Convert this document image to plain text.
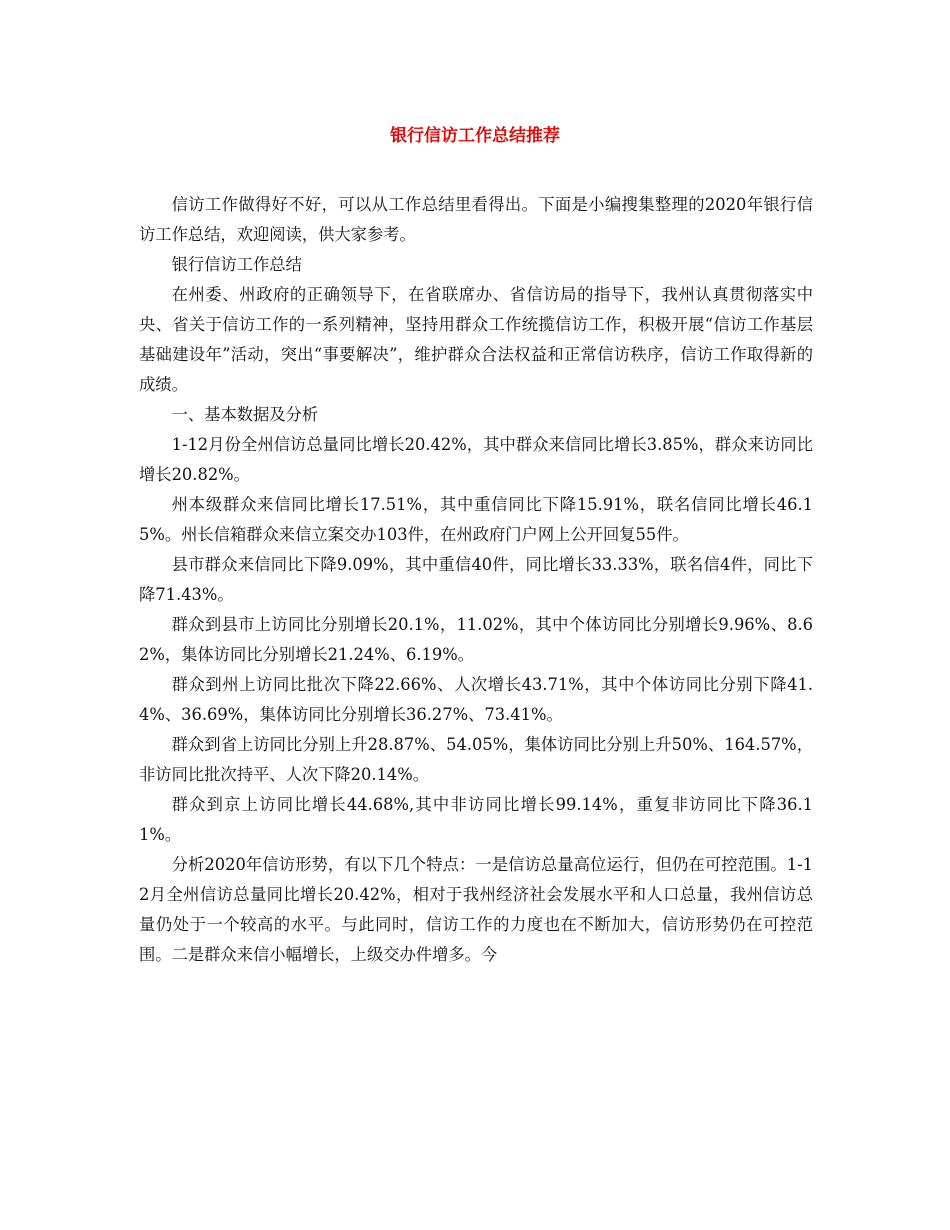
银行信访工作总结推荐

信访工作做得好不好，可以从工作总结里看得出。下面是小编搜集整理的2020年银行信访工作总结，欢迎阅读，供大家参考。

银行信访工作总结

在州委、州政府的正确领导下，在省联席办、省信访局的指导下，我州认真贯彻落实中央、省关于信访工作的一系列精神，坚持用群众工作统揽信访工作，积极开展“信访工作基层基础建设年”活动，突出“事要解决”，维护群众合法权益和正常信访秩序，信访工作取得新的成绩。

一、基本数据及分析

1-12月份全州信访总量同比增长20.42%，其中群众来信同比增长3.85%，群众来访同比增长20.82%。

州本级群众来信同比增长17.51%，其中重信同比下降15.91%，联名信同比增长46.15%。州长信箱群众来信立案交办103件，在州政府门户网上公开回复55件。

县市群众来信同比下降9.09%，其中重信40件，同比增长33.33%，联名信4件，同比下降71.43%。

群众到县市上访同比分别增长20.1%，11.02%，其中个体访同比分别增长9.96%、8.62%，集体访同比分别增长21.24%、6.19%。

群众到州上访同比批次下降22.66%、人次增长43.71%，其中个体访同比分别下降41.4%、36.69%，集体访同比分别增长36.27%、73.41%。

群众到省上访同比分别上升28.87%、54.05%，集体访同比分别上升50%、164.57%，非访同比批次持平、人次下降20.14%。

群众到京上访同比增长44.68%,其中非访同比增长99.14%，重复非访同比下降36.11%。

分析2020年信访形势，有以下几个特点：一是信访总量高位运行，但仍在可控范围。1-12月全州信访总量同比增长20.42%，相对于我州经济社会发展水平和人口总量，我州信访总量仍处于一个较高的水平。与此同时，信访工作的力度也在不断加大，信访形势仍在可控范围。二是群众来信小幅增长，上级交办件增多。今
